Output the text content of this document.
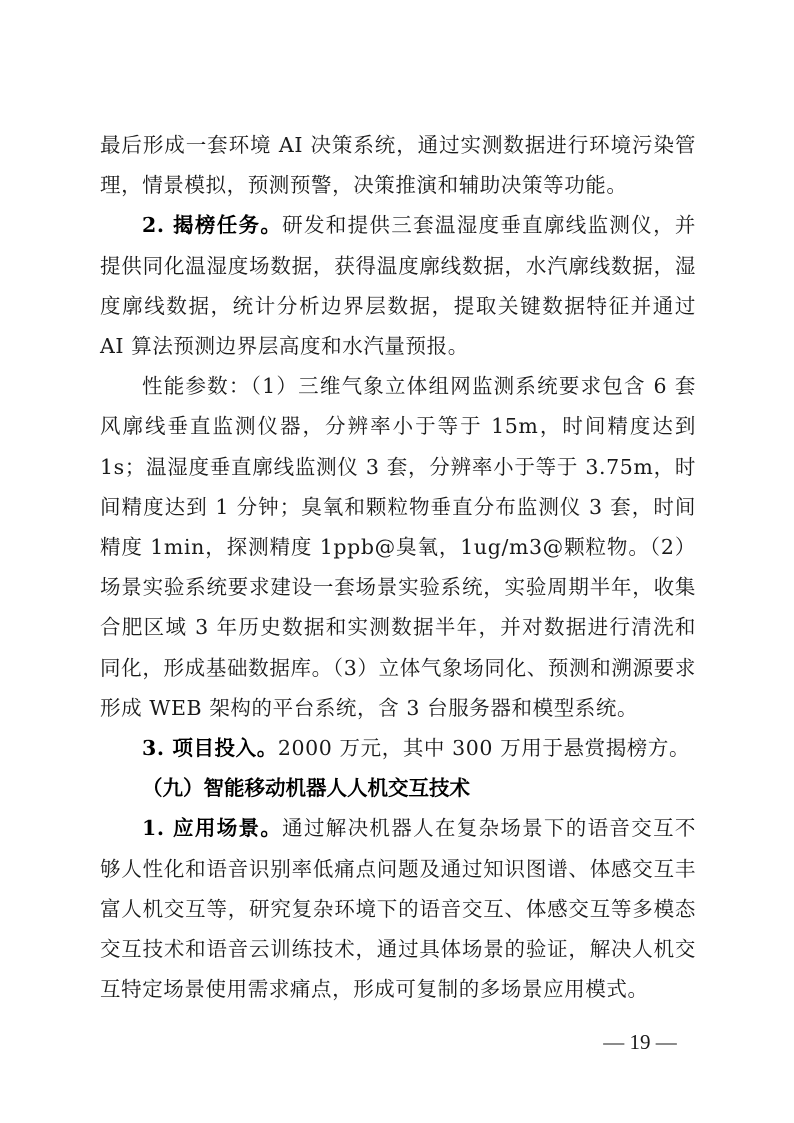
最后形成一套环境 AI 决策系统，通过实测数据进行环境污染管理，情景模拟，预测预警，决策推演和辅助决策等功能。

2. 揭榜任务。研发和提供三套温湿度垂直廓线监测仪，并提供同化温湿度场数据，获得温度廓线数据，水汽廓线数据，湿度廓线数据，统计分析边界层数据，提取关键数据特征并通过 AI 算法预测边界层高度和水汽量预报。

性能参数：（1）三维气象立体组网监测系统要求包含 6 套风廓线垂直监测仪器，分辨率小于等于 15m，时间精度达到 1s；温湿度垂直廓线监测仪 3 套，分辨率小于等于 3.75m，时间精度达到 1 分钟；臭氧和颗粒物垂直分布监测仪 3 套，时间精度 1min，探测精度 1ppb@臭氧，1ug/m3@颗粒物。（2）场景实验系统要求建设一套场景实验系统，实验周期半年，收集合肥区域 3 年历史数据和实测数据半年，并对数据进行清洗和同化，形成基础数据库。（3）立体气象场同化、预测和溯源要求形成 WEB 架构的平台系统，含 3 台服务器和模型系统。

3. 项目投入。2000 万元，其中 300 万用于悬赏揭榜方。

（九）智能移动机器人人机交互技术

1. 应用场景。通过解决机器人在复杂场景下的语音交互不够人性化和语音识别率低痛点问题及通过知识图谱、体感交互丰富人机交互等，研究复杂环境下的语音交互、体感交互等多模态交互技术和语音云训练技术，通过具体场景的验证，解决人机交互特定场景使用需求痛点，形成可复制的多场景应用模式。

— 19 —
